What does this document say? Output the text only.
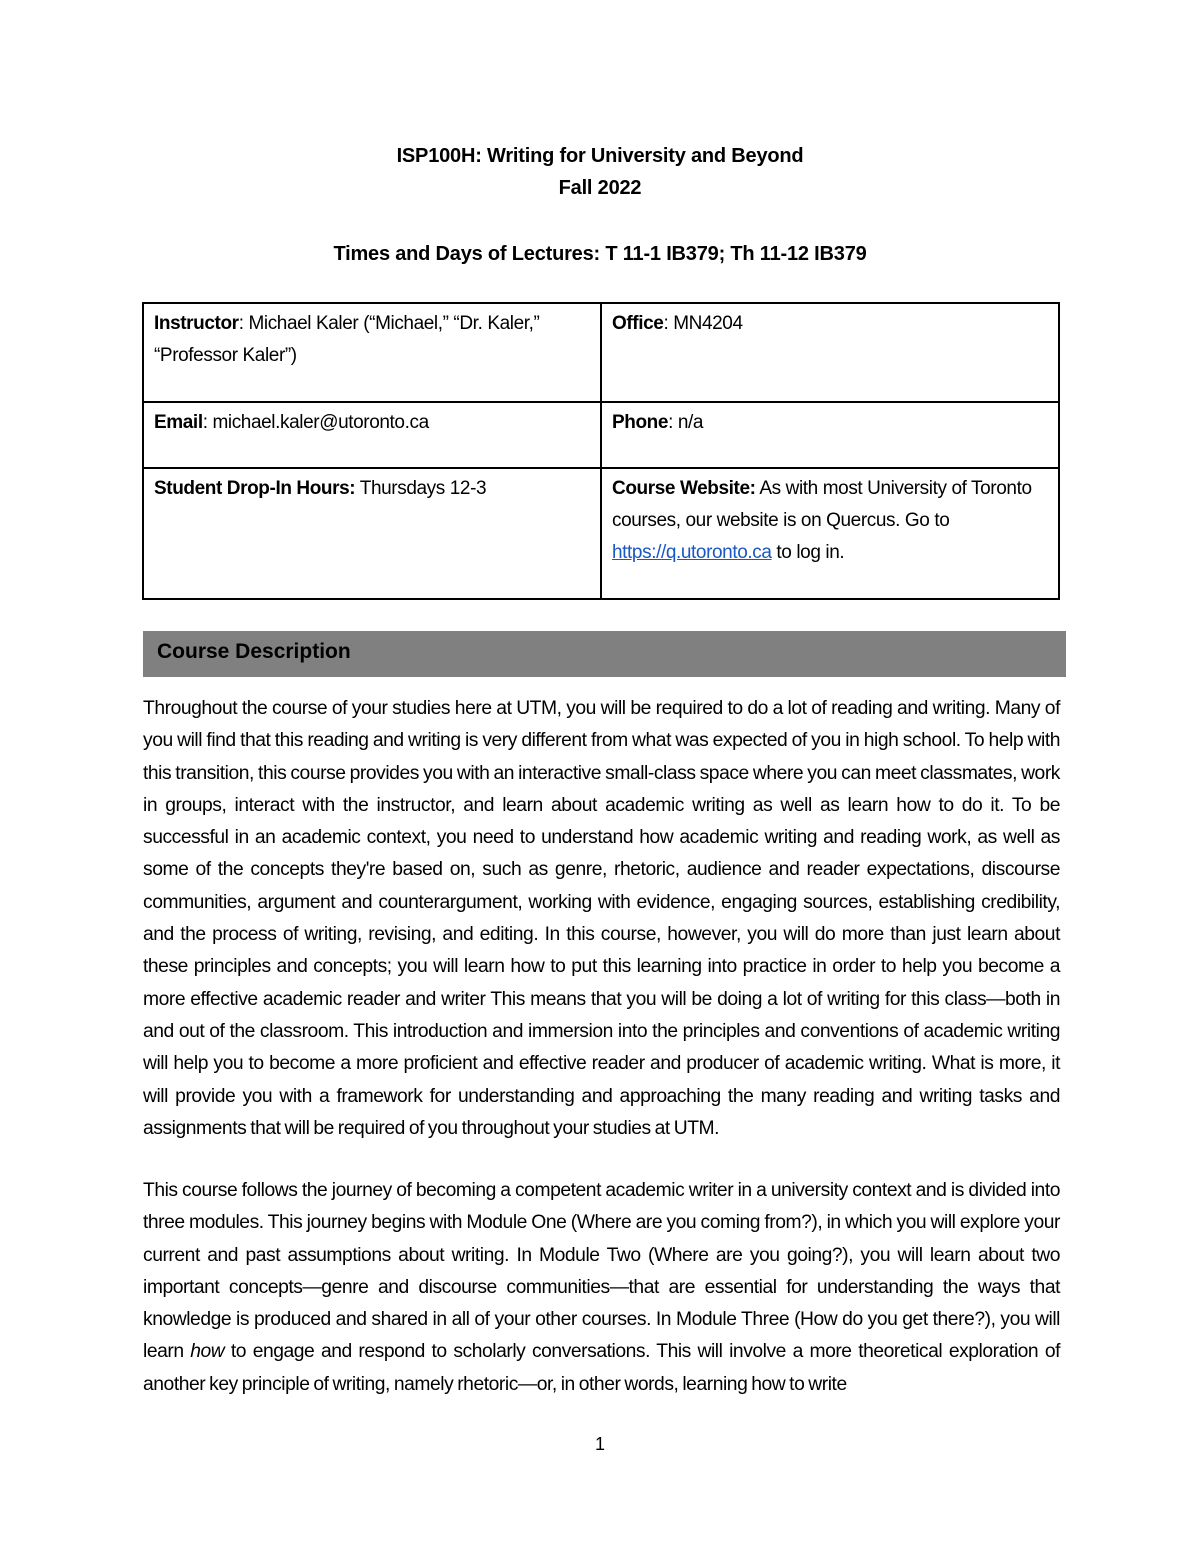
ISP100H: Writing for University and Beyond
Fall 2022
Times and Days of Lectures: T 11-1 IB379; Th 11-12 IB379
Instructor: Michael Kaler (“Michael,” “Dr. Kaler,” “Professor Kaler”)	Office: MN4204
Email: michael.kaler@utoronto.ca	Phone: n/a
Student Drop-In Hours: Thursdays 12-3	Course Website: As with most University of Toronto courses, our website is on Quercus. Go to https://q.utoronto.ca to log in.
Course Description
Throughout the course of your studies here at UTM, you will be required to do a lot of reading and writing. Many of you will find that this reading and writing is very different from what was expected of you in high school. To help with this transition, this course provides you with an interactive small-class space where you can meet classmates, work in groups, interact with the instructor, and learn about academic writing as well as learn how to do it. To be successful in an academic context, you need to understand how academic writing and reading work, as well as some of the concepts they're based on, such as genre, rhetoric, audience and reader expectations, discourse communities, argument and counterargument, working with evidence, engaging sources, establishing credibility, and the process of writing, revising, and editing. In this course, however, you will do more than just learn about these principles and concepts; you will learn how to put this learning into practice in order to help you become a more effective academic reader and writer This means that you will be doing a lot of writing for this class—both in and out of the classroom. This introduction and immersion into the principles and conventions of academic writing will help you to become a more proficient and effective reader and producer of academic writing. What is more, it will provide you with a framework for understanding and approaching the many reading and writing tasks and assignments that will be required of you throughout your studies at UTM.
This course follows the journey of becoming a competent academic writer in a university context and is divided into three modules. This journey begins with Module One (Where are you coming from?), in which you will explore your current and past assumptions about writing. In Module Two (Where are you going?), you will learn about two important concepts—genre and discourse communities—that are essential for understanding the ways that knowledge is produced and shared in all of your other courses. In Module Three (How do you get there?), you will learn how to engage and respond to scholarly conversations. This will involve a more theoretical exploration of another key principle of writing, namely rhetoric—or, in other words, learning how to write
1
